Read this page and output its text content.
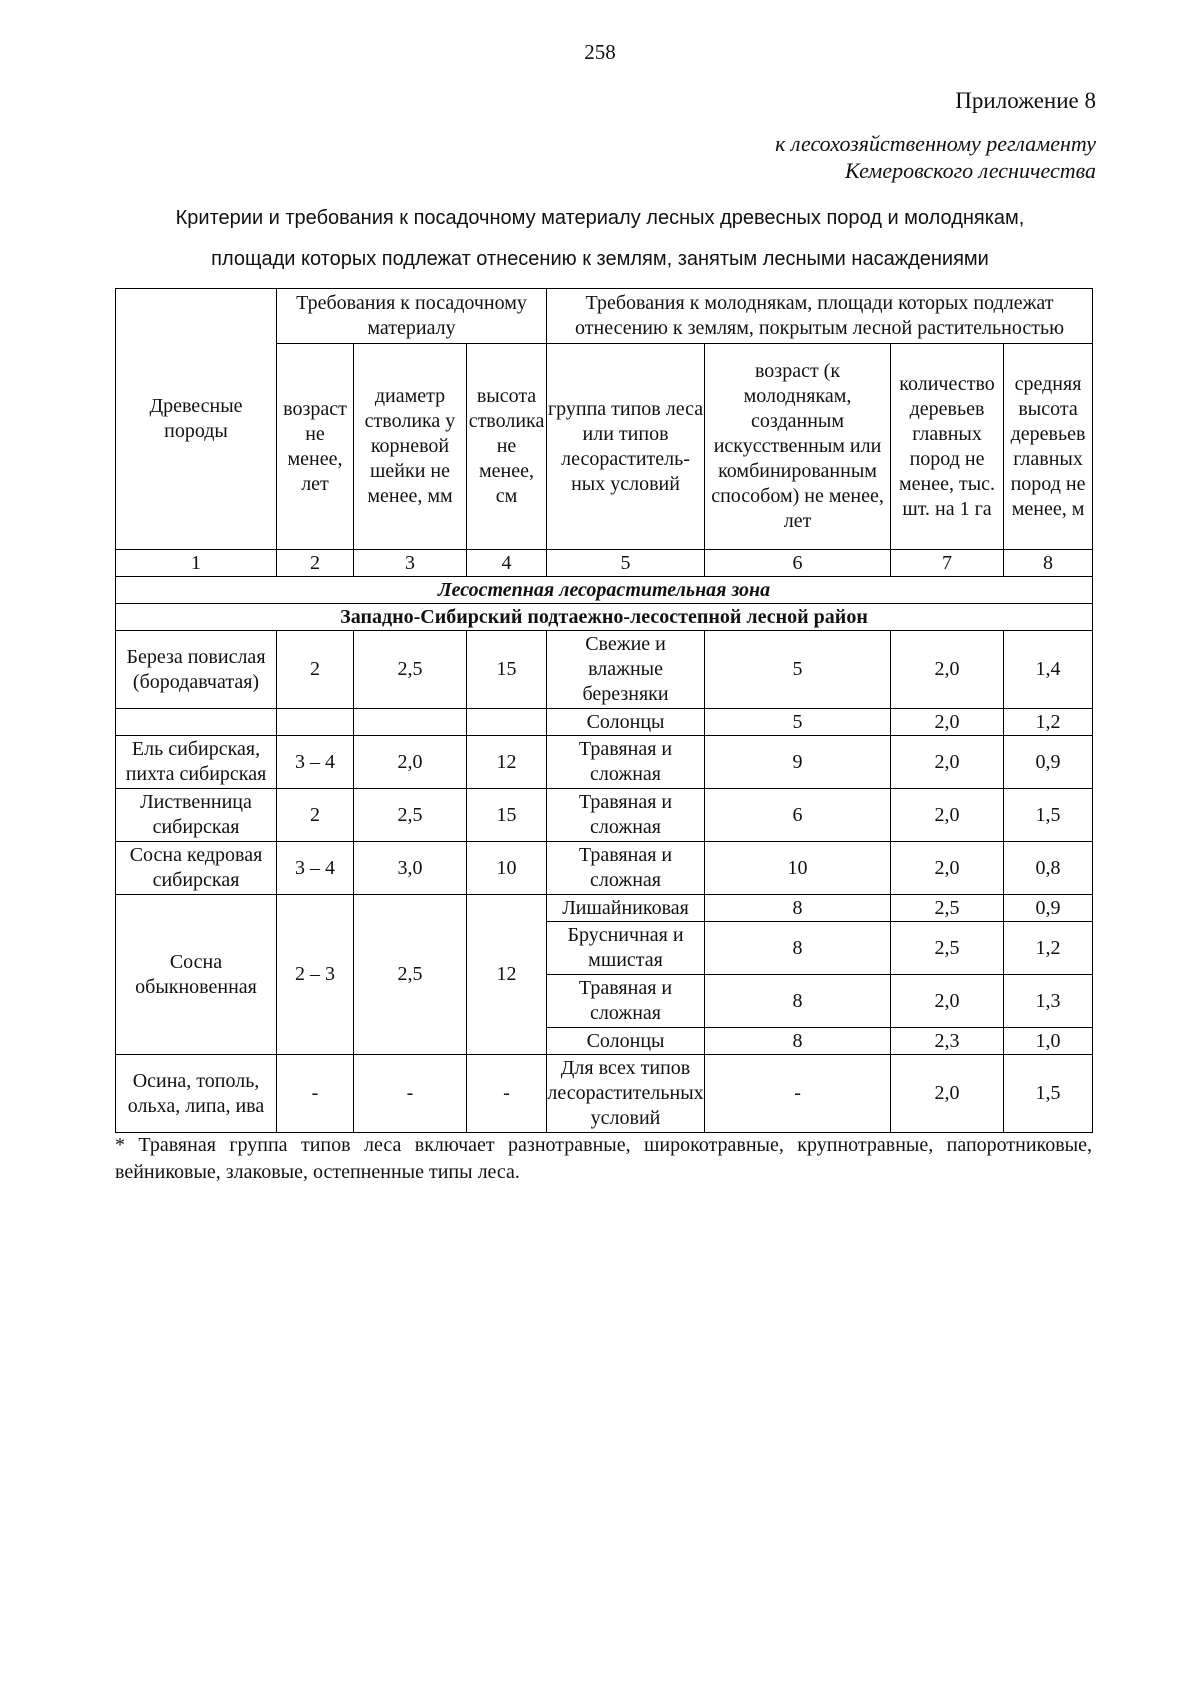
258
Приложение 8
к лесохозяйственному регламенту
Кемеровского лесничества
Критерии и требования к посадочному материалу лесных древесных пород и молоднякам,
площади которых подлежат отнесению к землям, занятым лесными насаждениями
Древесные породы	Требования к посадочному материалу			Требования к молоднякам, площади которых подлежат отнесению к землям, покрытым лесной растительностью			
	возраст не менее, лет	диаметр стволика у корневой шейки не менее, мм	высота стволика не менее, см	группа типов леса или типов лесораститель-ных условий	возраст (к молоднякам, созданным искусственным или комбинированным способом) не менее, лет	количество деревьев главных пород не менее, тыс. шт. на 1 га	средняя высота деревьев главных пород не менее, м
1	2	3	4	5	6	7	8
Лесостепная лесорастительная зона							
Западно-Сибирский подтаежно-лесостепной лесной район							
Береза повислая (бородавчатая)	2	2,5	15	Свежие и влажные березняки	5	2,0	1,4
				Солонцы	5	2,0	1,2
Ель сибирская, пихта сибирская	3 – 4	2,0	12	Травяная и сложная	9	2,0	0,9
Лиственница сибирская	2	2,5	15	Травяная и сложная	6	2,0	1,5
Сосна кедровая сибирская	3 – 4	3,0	10	Травяная и сложная	10	2,0	0,8
Сосна обыкновенная	2 – 3	2,5	12	Лишайниковая	8	2,5	0,9
				Брусничная и мшистая	8	2,5	1,2
				Травяная и сложная	8	2,0	1,3
				Солонцы	8	2,3	1,0
Осина, тополь, ольха, липа, ива	-	-	-	Для всех типов лесорастительных условий	-	2,0	1,5
* Травяная группа типов леса включает разнотравные, широкотравные, крупнотравные, папоротниковые, вейниковые, злаковые, остепненные типы леса.
